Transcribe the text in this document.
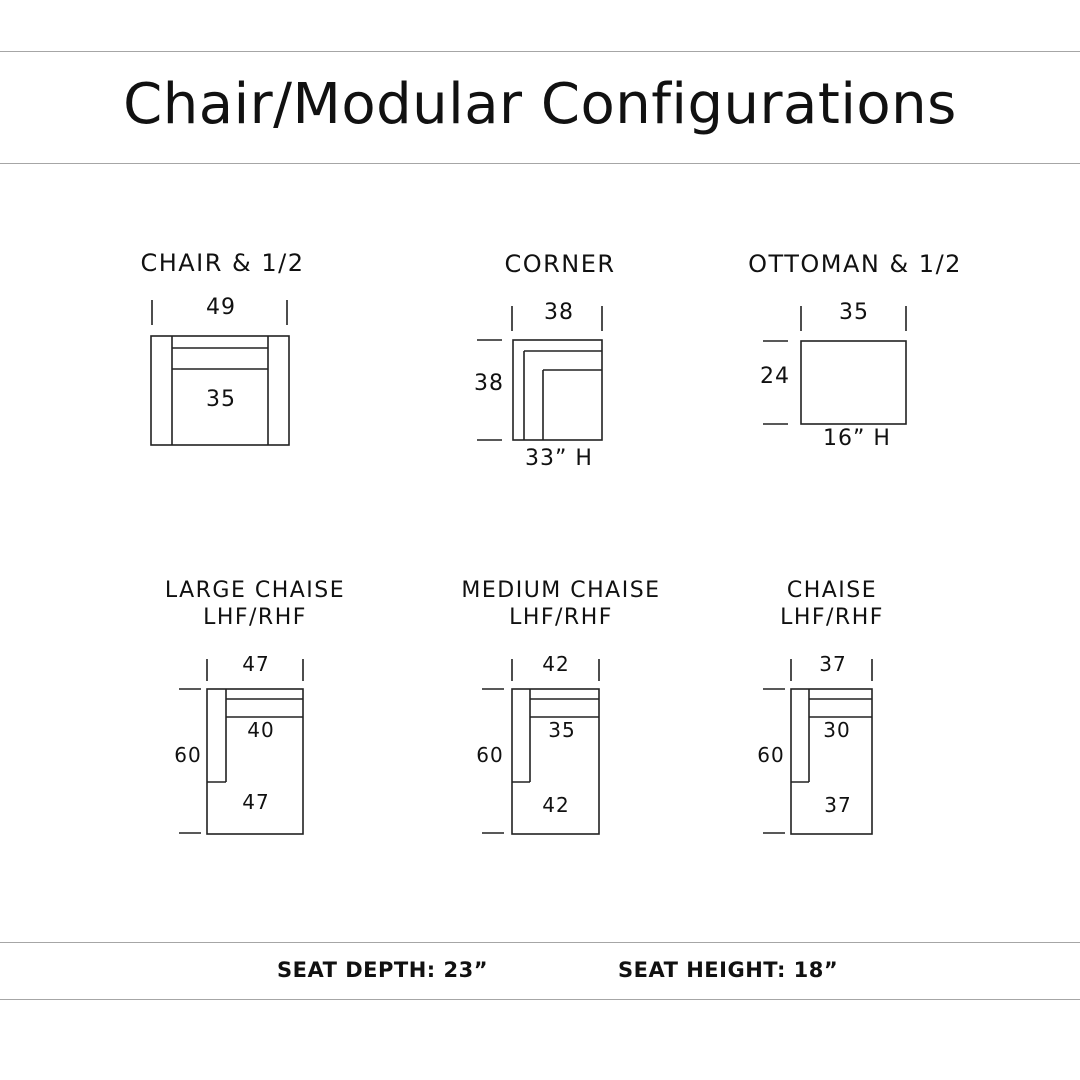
Chair/Modular Configurations
CHAIR & 1/2	CORNER	OTTOMAN & 1/2
LARGE CHAISE
LHF/RHF
MEDIUM CHAISE
LHF/RHF
CHAISE
LHF/RHF
49
35
38
38
33” H
35
24
16” H
47
60
40
47
42
60
35
42
37
60
30
37
SEAT DEPTH: 23”	SEAT HEIGHT: 18”
